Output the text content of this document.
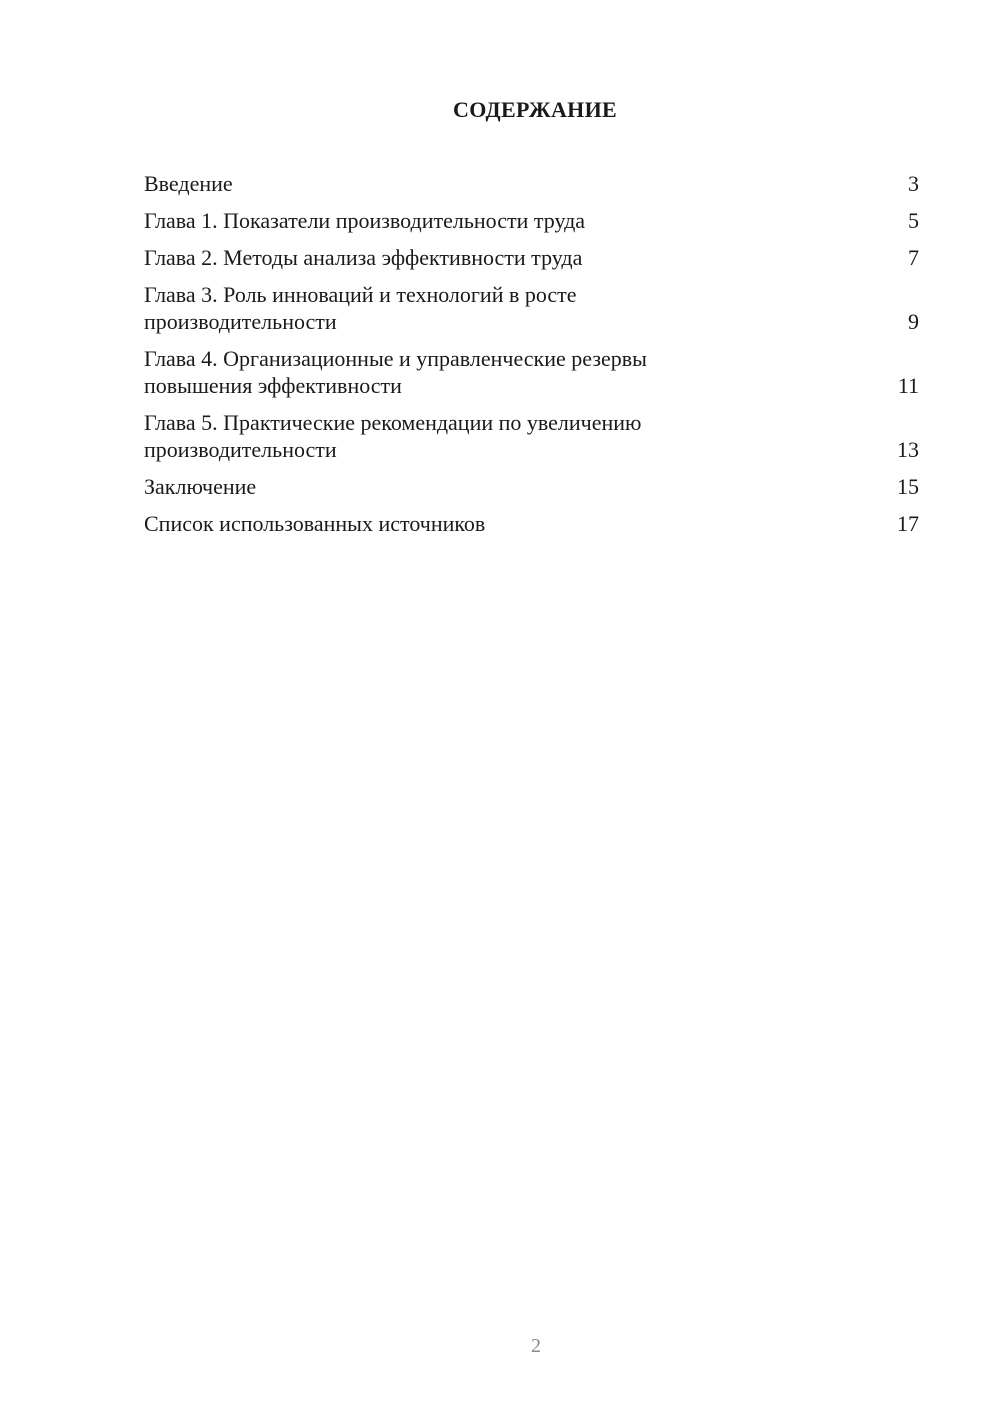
СОДЕРЖАНИЕ
Введение	3
Глава 1. Показатели производительности труда	5
Глава 2. Методы анализа эффективности труда	7
Глава 3. Роль инноваций и технологий в росте
производительности	9
Глава 4. Организационные и управленческие резервы
повышения эффективности	11
Глава 5. Практические рекомендации по увеличению
производительности	13
Заключение	15
Список использованных источников	17
2
